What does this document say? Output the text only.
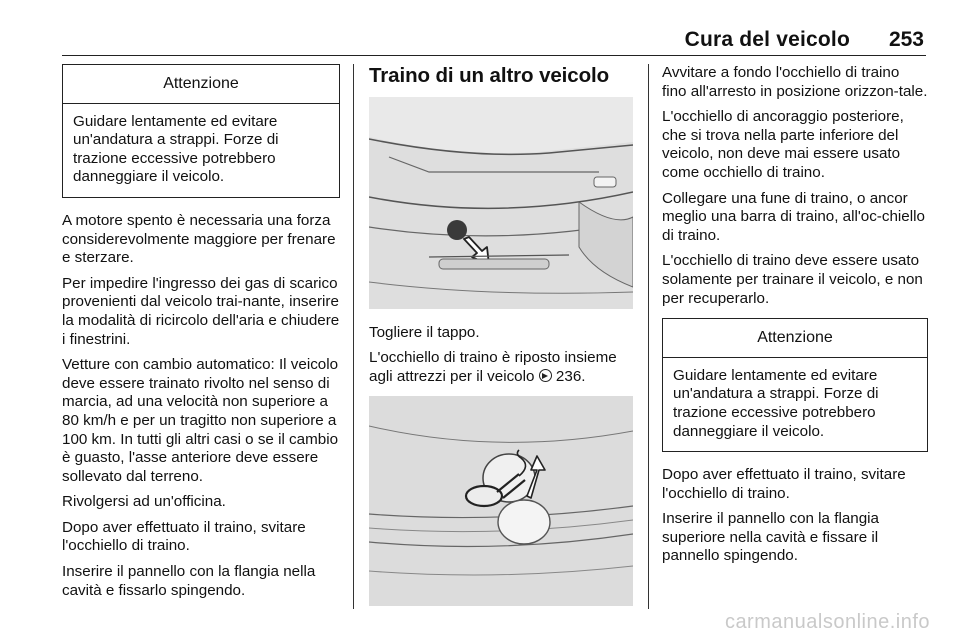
Cura del veicolo 253
Attenzione
Guidare lentamente ed evitare un'andatura a strappi. Forze di trazione eccessive potrebbero danneggiare il veicolo.

A motore spento è necessaria una forza considerevolmente maggiore per frenare e sterzare.

Per impedire l'ingresso dei gas di scarico provenienti dal veicolo trai-nante, inserire la modalità di ricircolo dell'aria e chiudere i finestrini.

Vetture con cambio automatico: Il veicolo deve essere trainato rivolto nel senso di marcia, ad una velocità non superiore a 80 km/h e per un tragitto non superiore a 100 km. In tutti gli altri casi o se il cambio è guasto, l'asse anteriore deve essere sollevato dal terreno.

Rivolgersi ad un'officina.

Dopo aver effettuato il traino, svitare l'occhiello di traino.

Inserire il pannello con la flangia nella cavità e fissarlo spingendo.

Traino di un altro veicolo

Togliere il tappo.

L'occhiello di traino è riposto insieme agli attrezzi per il veicolo 236.

Avvitare a fondo l'occhiello di traino fino all'arresto in posizione orizzon-tale.

L'occhiello di ancoraggio posteriore, che si trova nella parte inferiore del veicolo, non deve mai essere usato come occhiello di traino.

Collegare una fune di traino, o ancor meglio una barra di traino, all'oc-chiello di traino.

L'occhiello di traino deve essere usato solamente per trainare il veicolo, e non per recuperarlo.

Attenzione
Guidare lentamente ed evitare un'andatura a strappi. Forze di trazione eccessive potrebbero danneggiare il veicolo.

Dopo aver effettuato il traino, svitare l'occhiello di traino.

Inserire il pannello con la flangia superiore nella cavità e fissare il pannello spingendo.

carmanualsonline.info
